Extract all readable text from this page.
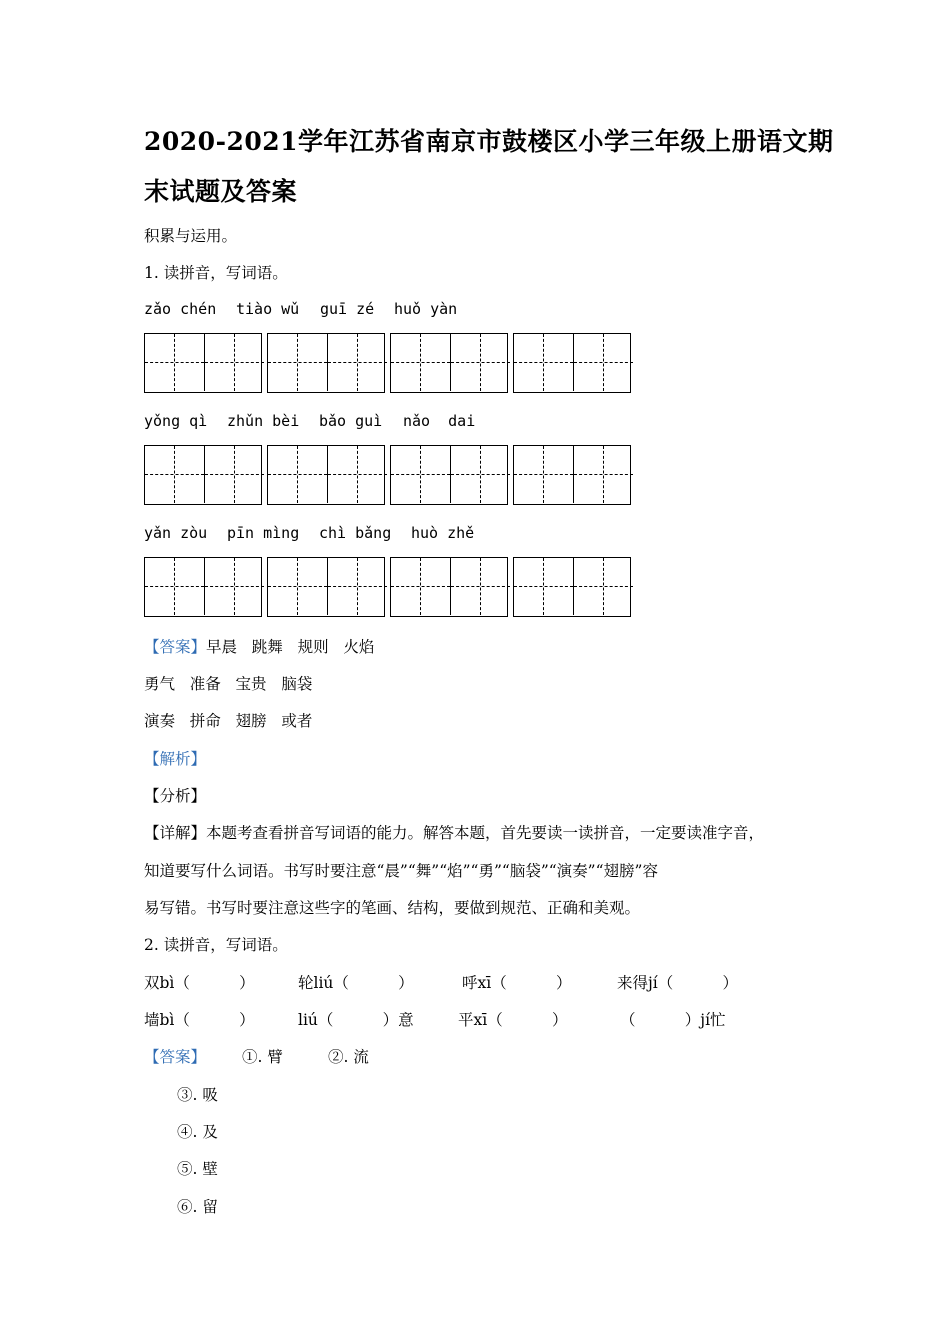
2020-2021学年江苏省南京市鼓楼区小学三年级上册语文期
末试题及答案
积累与运用。
1. 读拼音，写词语。
zǎo chén tiào wǔ guī zé huǒ yàn
yǒng qì zhǔn bèi bǎo guì nǎo  dai
yǎn zòu pīn mìng chì bǎng huò zhě
【答案】早晨   跳舞   规则   火焰
勇气   准备   宝贵   脑袋
演奏   拼命   翅膀   或者
【解析】
【分析】
【详解】本题考查看拼音写词语的能力。解答本题，首先要读一读拼音，一定要读准字音，
知道要写什么词语。书写时要注意“晨”“舞”“焰”“勇”“脑袋”“演奏”“翅膀”容
易写错。书写时要注意这些字的笔画、结构，要做到规范、正确和美观。
2. 读拼音，写词语。
双bì（          ）	轮liú（          ）	呼xī（          ）	来得jí（          ）
墙bì（          ）	liú（          ）意	平xī（          ）	（          ）jí忙
【答案】 ①. 臂	②. 流
③. 吸
④. 及
⑤. 壁
⑥. 留
